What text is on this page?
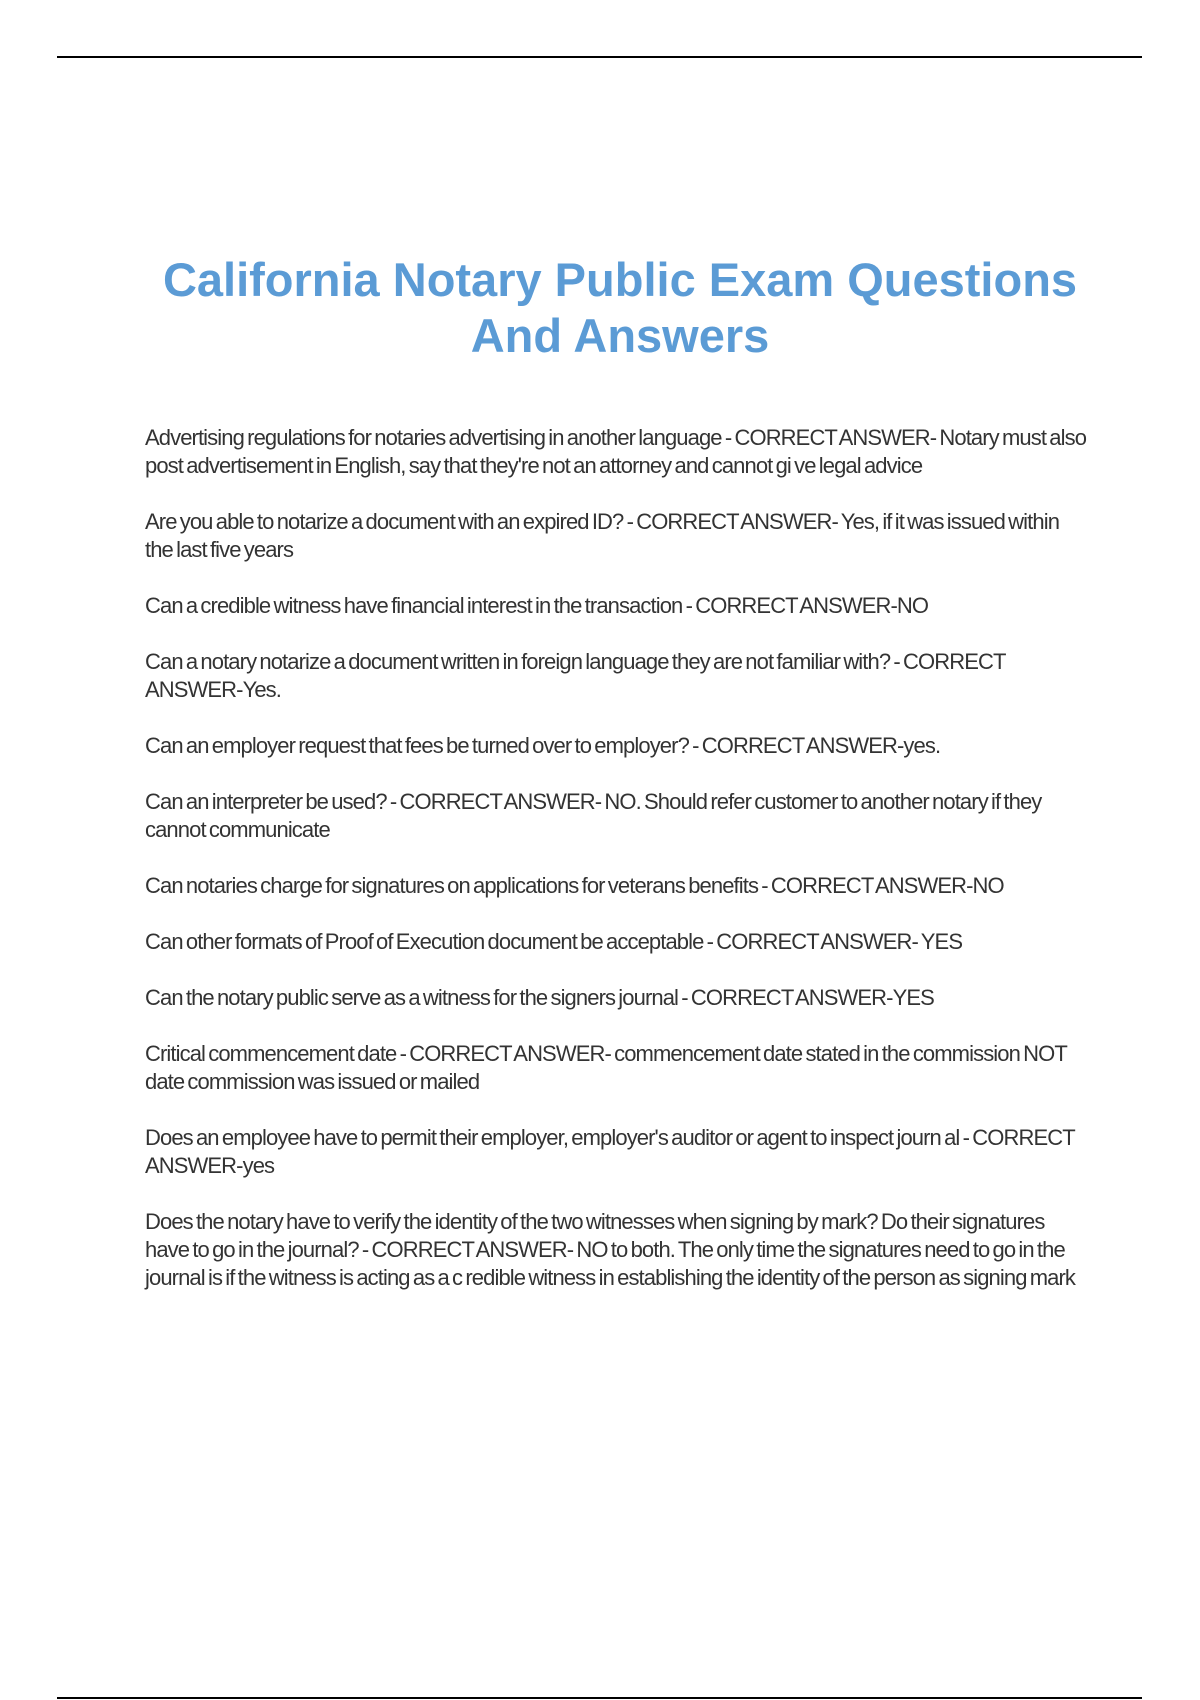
California Notary Public Exam Questions And Answers
Advertising regulations for notaries advertising in another language - CORRECT ANSWER- Notary must also post advertisement in English, say that they're not an attorney and cannot gi ve legal advice
Are you able to notarize a document with an expired ID? - CORRECT ANSWER- Yes, if it was issued within the last five years
Can a credible witness have financial interest in the transaction - CORRECT ANSWER-NO
Can a notary notarize a document written in foreign language they are not familiar with? - CORRECT ANSWER-Yes.
Can an employer request that fees be turned over to employer? - CORRECT ANSWER-yes.
Can an interpreter be used? - CORRECT ANSWER- NO. Should refer customer to another notary if they cannot communicate
Can notaries charge for signatures on applications for veterans benefits - CORRECT ANSWER-NO
Can other formats of Proof of Execution document be acceptable - CORRECT ANSWER- YES
Can the notary public serve as a witness for the signers journal - CORRECT ANSWER-YES
Critical commencement date - CORRECT ANSWER- commencement date stated in the commission NOT date commission was issued or mailed
Does an employee have to permit their employer, employer's auditor or agent to inspect journ al - CORRECT ANSWER-yes
Does the notary have to verify the identity of the two witnesses when signing by mark? Do their signatures have to go in the journal? - CORRECT ANSWER- NO to both. The only time the signatures need to go in the journal is if the witness is acting as a c redible witness in establishing the identity of the person as signing mark
